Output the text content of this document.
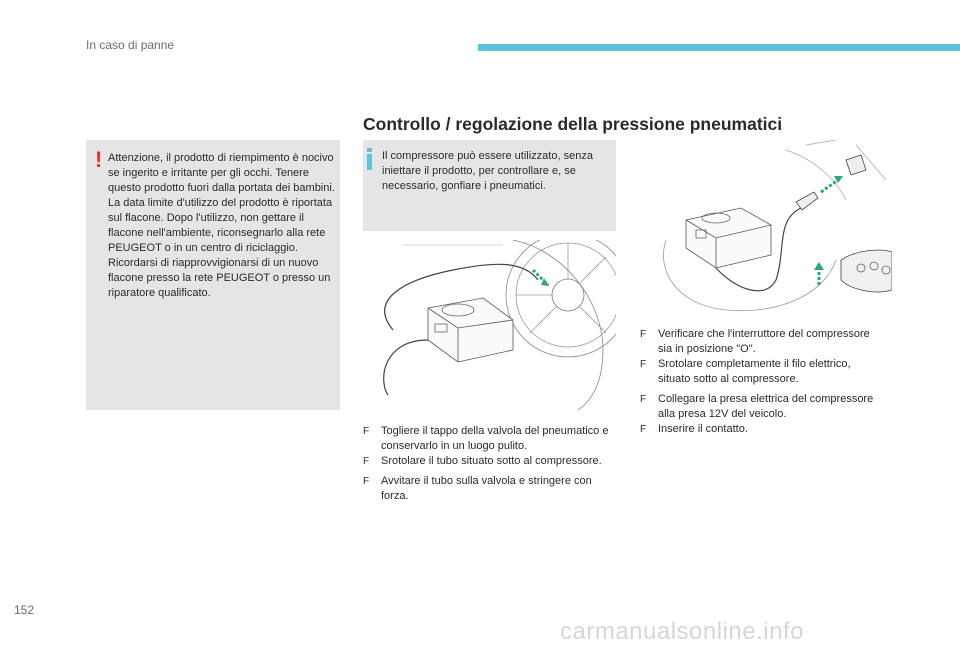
In caso di panne
Controllo / regolazione della pressione pneumatici
! Attenzione, il prodotto di riempimento è nocivo se ingerito e irritante per gli occhi. Tenere questo prodotto fuori dalla portata dei bambini. La data limite d'utilizzo del prodotto è riportata sul flacone. Dopo l'utilizzo, non gettare il flacone nell'ambiente, riconsegnarlo alla rete PEUGEOT o in un centro di riciclaggio. Ricordarsi di riapprovvigionarsi di un nuovo flacone presso la rete PEUGEOT o presso un riparatore qualificato.
Il compressore può essere utilizzato, senza iniettare il prodotto, per controllare e, se necessario, gonfiare i pneumatici.
F Togliere il tappo della valvola del pneumatico e conservarlo in un luogo pulito.
F Srotolare il tubo situato sotto al compressore.
F Avvitare il tubo sulla valvola e stringere con forza.
F Verificare che l'interruttore del compressore sia in posizione "O".
F Srotolare completamente il filo elettrico, situato sotto al compressore.
F Collegare la presa elettrica del compressore alla presa 12V del veicolo.
F Inserire il contatto.
152
carmanualsonline.info
